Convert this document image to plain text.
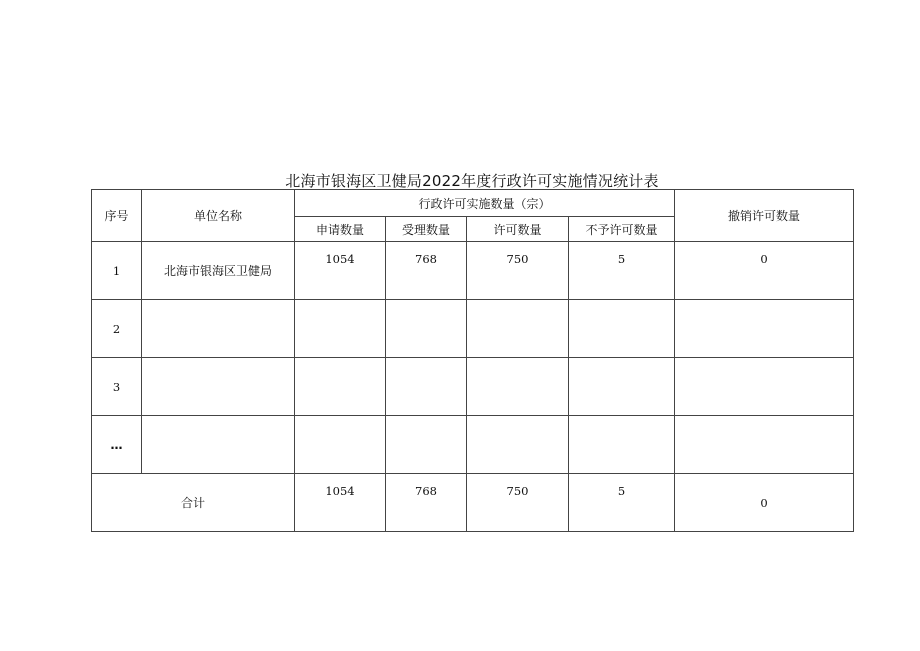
北海市银海区卫健局2022年度行政许可实施情况统计表
序号	单位名称	行政许可实施数量（宗）				撤销许可数量
		申请数量	受理数量	许可数量	不予许可数量	
1	北海市银海区卫健局	1054	768	750	5	0
2						
3						
…						
合计		1054	768	750	5	0
